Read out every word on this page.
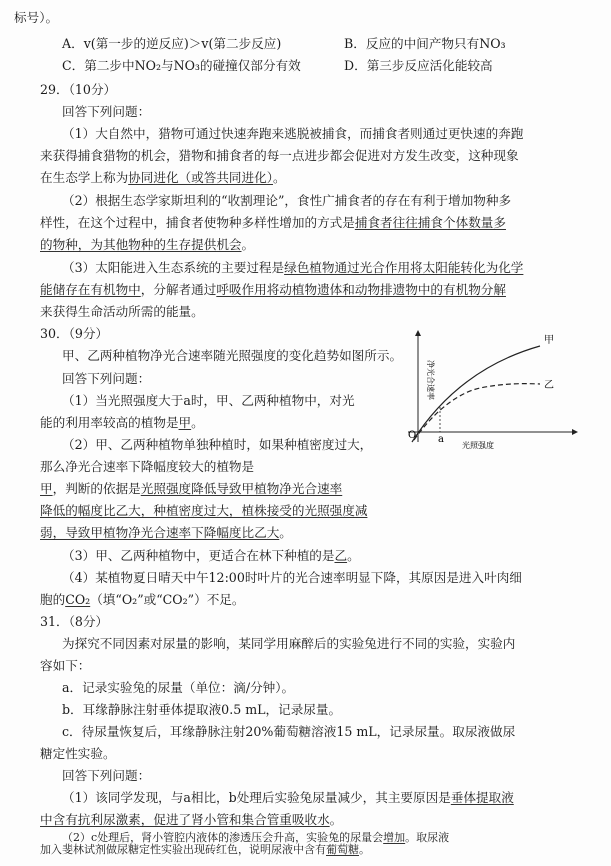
标号）。
A．v(第一步的逆反应)＞v(第二步反应)	B．反应的中间产物只有NO₃
C．第二步中NO₂与NO₃的碰撞仅部分有效	D．第三步反应活化能较高
29．（10分）
回答下列问题：
（1）大自然中，猎物可通过快速奔跑来逃脱被捕食，而捕食者则通过更快速的奔跑
来获得捕食猎物的机会，猎物和捕食者的每一点进步都会促进对方发生改变，这种现象
在生态学上称为协同进化（或答共同进化）。
（2）根据生态学家斯坦利的“收割理论”，食性广捕食者的存在有利于增加物种多
样性，在这个过程中，捕食者使物种多样性增加的方式是捕食者往往捕食个体数量多
的物种，为其他物种的生存提供机会。
（3）太阳能进入生态系统的主要过程是绿色植物通过光合作用将太阳能转化为化学
能储存在有机物中，分解者通过呼吸作用将动植物遗体和动物排遗物中的有机物分解
来获得生命活动所需的能量。
30．（9分）
甲、乙两种植物净光合速率随光照强度的变化趋势如图所示。
回答下列问题：
（1）当光照强度大于a时，甲、乙两种植物中，对光
能的利用率较高的植物是甲。
（2）甲、乙两种植物单独种植时，如果种植密度过大，
那么净光合速率下降幅度较大的植物是
甲，判断的依据是光照强度降低导致甲植物净光合速率
降低的幅度比乙大，种植密度过大，植株接受的光照强度减
弱，导致甲植物净光合速率下降幅度比乙大。
（3）甲、乙两种植物中，更适合在林下种植的是乙。
（4）某植物夏日晴天中午12:00时叶片的光合速率明显下降，其原因是进入叶肉细
胞的CO₂（填“O₂”或“CO₂”）不足。
O a
甲
乙
光照强度
净光合速率
31．（8分）
为探究不同因素对尿量的影响，某同学用麻醉后的实验兔进行不同的实验，实验内
容如下：
a．记录实验兔的尿量（单位：滴/分钟）。
b．耳缘静脉注射垂体提取液0.5 mL，记录尿量。
c．待尿量恢复后，耳缘静脉注射20%葡萄糖溶液15 mL，记录尿量。取尿液做尿
糖定性实验。
回答下列问题：
（1）该同学发现，与a相比，b处理后实验兔尿量减少，其主要原因是垂体提取液
中含有抗利尿激素，促进了肾小管和集合管重吸收水。
（2）c处理后，肾小管腔内液体的渗透压会升高，实验兔的尿量会增加。取尿液
加入斐林试剂做尿糖定性实验出现砖红色，说明尿液中含有葡萄糖。
